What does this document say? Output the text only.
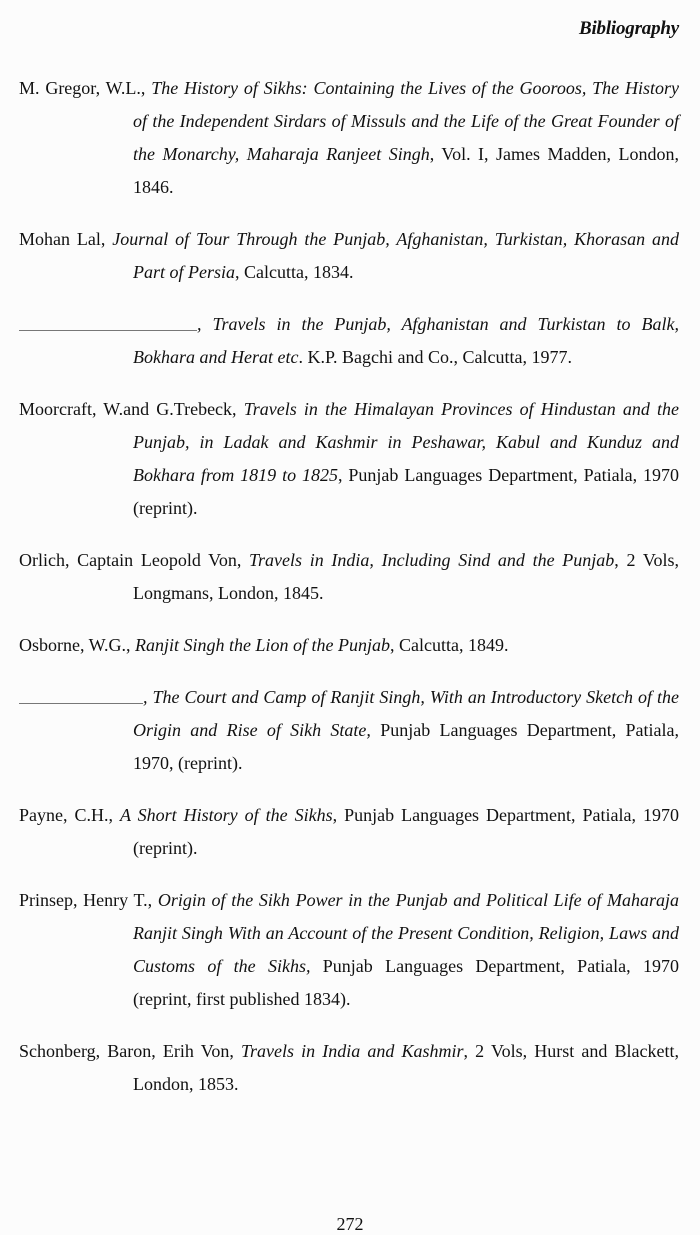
Bibliography

M. Gregor, W.L., The History of Sikhs: Containing the Lives of the Gooroos, The History of the Independent Sirdars of Missuls and the Life of the Great Founder of the Monarchy, Maharaja Ranjeet Singh, Vol. I, James Madden, London, 1846.

Mohan Lal, Journal of Tour Through the Punjab, Afghanistan, Turkistan, Khorasan and Part of Persia, Calcutta, 1834.

, Travels in the Punjab, Afghanistan and Turkistan to Balk, Bokhara and Herat etc. K.P. Bagchi and Co., Calcutta, 1977.

Moorcraft, W.and G.Trebeck, Travels in the Himalayan Provinces of Hindustan and the Punjab, in Ladak and Kashmir in Peshawar, Kabul and Kunduz and Bokhara from 1819 to 1825, Punjab Languages Department, Patiala, 1970 (reprint).

Orlich, Captain Leopold Von, Travels in India, Including Sind and the Punjab, 2 Vols, Longmans, London, 1845.

Osborne, W.G., Ranjit Singh the Lion of the Punjab, Calcutta, 1849.

, The Court and Camp of Ranjit Singh, With an Introductory Sketch of the Origin and Rise of Sikh State, Punjab Languages Department, Patiala, 1970, (reprint).

Payne, C.H., A Short History of the Sikhs, Punjab Languages Department, Patiala, 1970 (reprint).

Prinsep, Henry T., Origin of the Sikh Power in the Punjab and Political Life of Maharaja Ranjit Singh With an Account of the Present Condition, Religion, Laws and Customs of the Sikhs, Punjab Languages Department, Patiala, 1970 (reprint, first published 1834).

Schonberg, Baron, Erih Von, Travels in India and Kashmir, 2 Vols, Hurst and Blackett, London, 1853.

272
